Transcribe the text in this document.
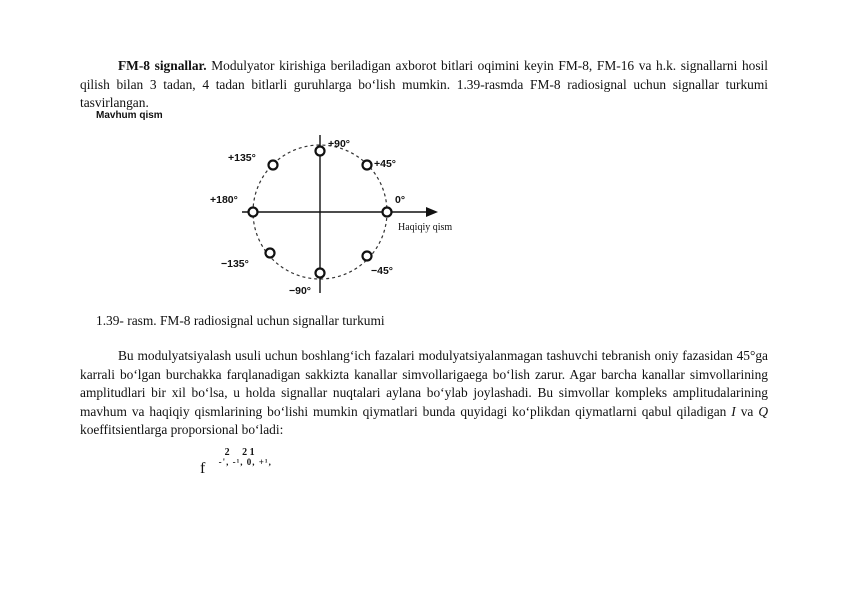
FM-8 signallar. Modulyator kirishiga beriladigan axborot bitlari oqimini keyin FM-8, FM-16 va h.k. signallarni hosil qilish bilan 3 tadan, 4 tadan bitlarli guruhlarga bo‘lish mumkin. 1.39-rasmda FM-8 radiosignal uchun signallar turkumi tasvirlangan.

Mavhum qism
0°
+45°
+90°
+135°
+180°
−135°
−90°
−45°
Haqiqiy qism
1.39- rasm. FM-8 radiosignal uchun signallar turkumi

Bu modulyatsiyalash usuli uchun boshlang‘ich fazalari modulyatsiyalanmagan tashuvchi tebranish oniy fazasidan 45°ga karrali bo‘lgan burchakka farqlanadigan sakkizta kanallar simvollarigaega bo‘lish zarur. Agar barcha kanallar simvollarining amplitudlari bir xil bo‘lsa, u holda signallar nuqtalari aylana bo‘ylab joylashadi. Bu simvollar kompleks amplitudalarining mavhum va haqiqiy qismlarining bo‘lishi mumkin qiymatlari bunda quyidagi ko‘plikdan qiymatlarni qabul qiladigan I va Q koeffitsientlarga proporsional bo‘ladi:

f
2     2 1
-', -¹, 0, +¹,
